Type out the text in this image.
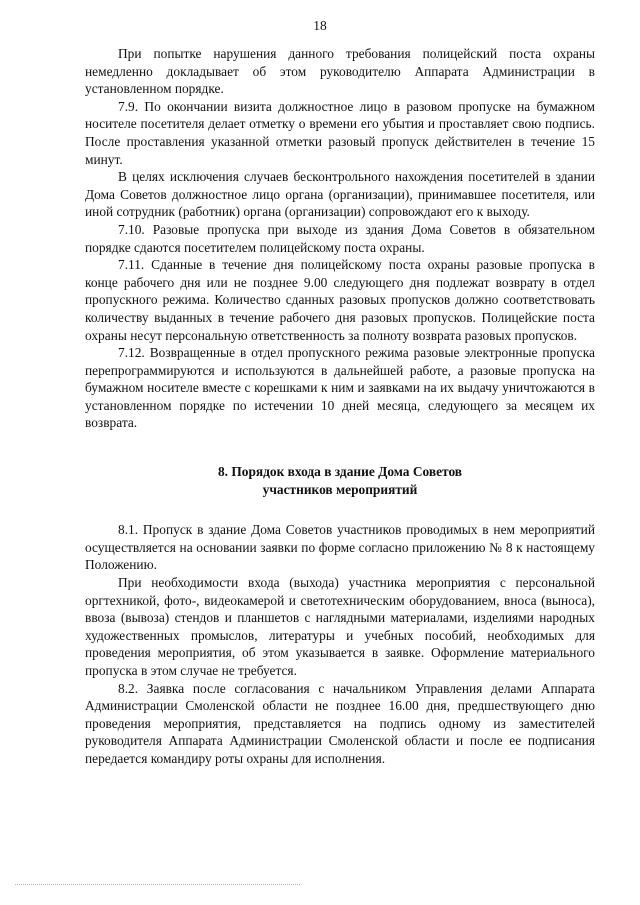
18

При попытке нарушения данного требования полицейский поста охраны немедленно докладывает об этом руководителю Аппарата Администрации в установленном порядке.

7.9. По окончании визита должностное лицо в разовом пропуске на бумажном носителе посетителя делает отметку о времени его убытия и проставляет свою подпись. После проставления указанной отметки разовый пропуск действителен в течение 15 минут.

В целях исключения случаев бесконтрольного нахождения посетителей в здании Дома Советов должностное лицо органа (организации), принимавшее посетителя, или иной сотрудник (работник) органа (организации) сопровождают его к выходу.

7.10. Разовые пропуска при выходе из здания Дома Советов в обязательном порядке сдаются посетителем полицейскому поста охраны.

7.11. Сданные в течение дня полицейскому поста охраны разовые пропуска в конце рабочего дня или не позднее 9.00 следующего дня подлежат возврату в отдел пропускного режима. Количество сданных разовых пропусков должно соответствовать количеству выданных в течение рабочего дня разовых пропусков. Полицейские поста охраны несут персональную ответственность за полноту возврата разовых пропусков.

7.12. Возвращенные в отдел пропускного режима разовые электронные пропуска перепрограммируются и используются в дальнейшей работе, а разовые пропуска на бумажном носителе вместе с корешками к ним и заявками на их выдачу уничтожаются в установленном порядке по истечении 10 дней месяца, следующего за месяцем их возврата.

8. Порядок входа в здание Дома Советов
участников мероприятий

8.1. Пропуск в здание Дома Советов участников проводимых в нем мероприятий осуществляется на основании заявки по форме согласно приложению № 8 к настоящему Положению.

При необходимости входа (выхода) участника мероприятия с персональной оргтехникой, фото-, видеокамерой и светотехническим оборудованием, вноса (выноса), ввоза (вывоза) стендов и планшетов с наглядными материалами, изделиями народных художественных промыслов, литературы и учебных пособий, необходимых для проведения мероприятия, об этом указывается в заявке. Оформление материального пропуска в этом случае не требуется.

8.2. Заявка после согласования с начальником Управления делами Аппарата Администрации Смоленской области не позднее 16.00 дня, предшествующего дню проведения мероприятия, представляется на подпись одному из заместителей руководителя Аппарата Администрации Смоленской области и после ее подписания передается командиру роты охраны для исполнения.
